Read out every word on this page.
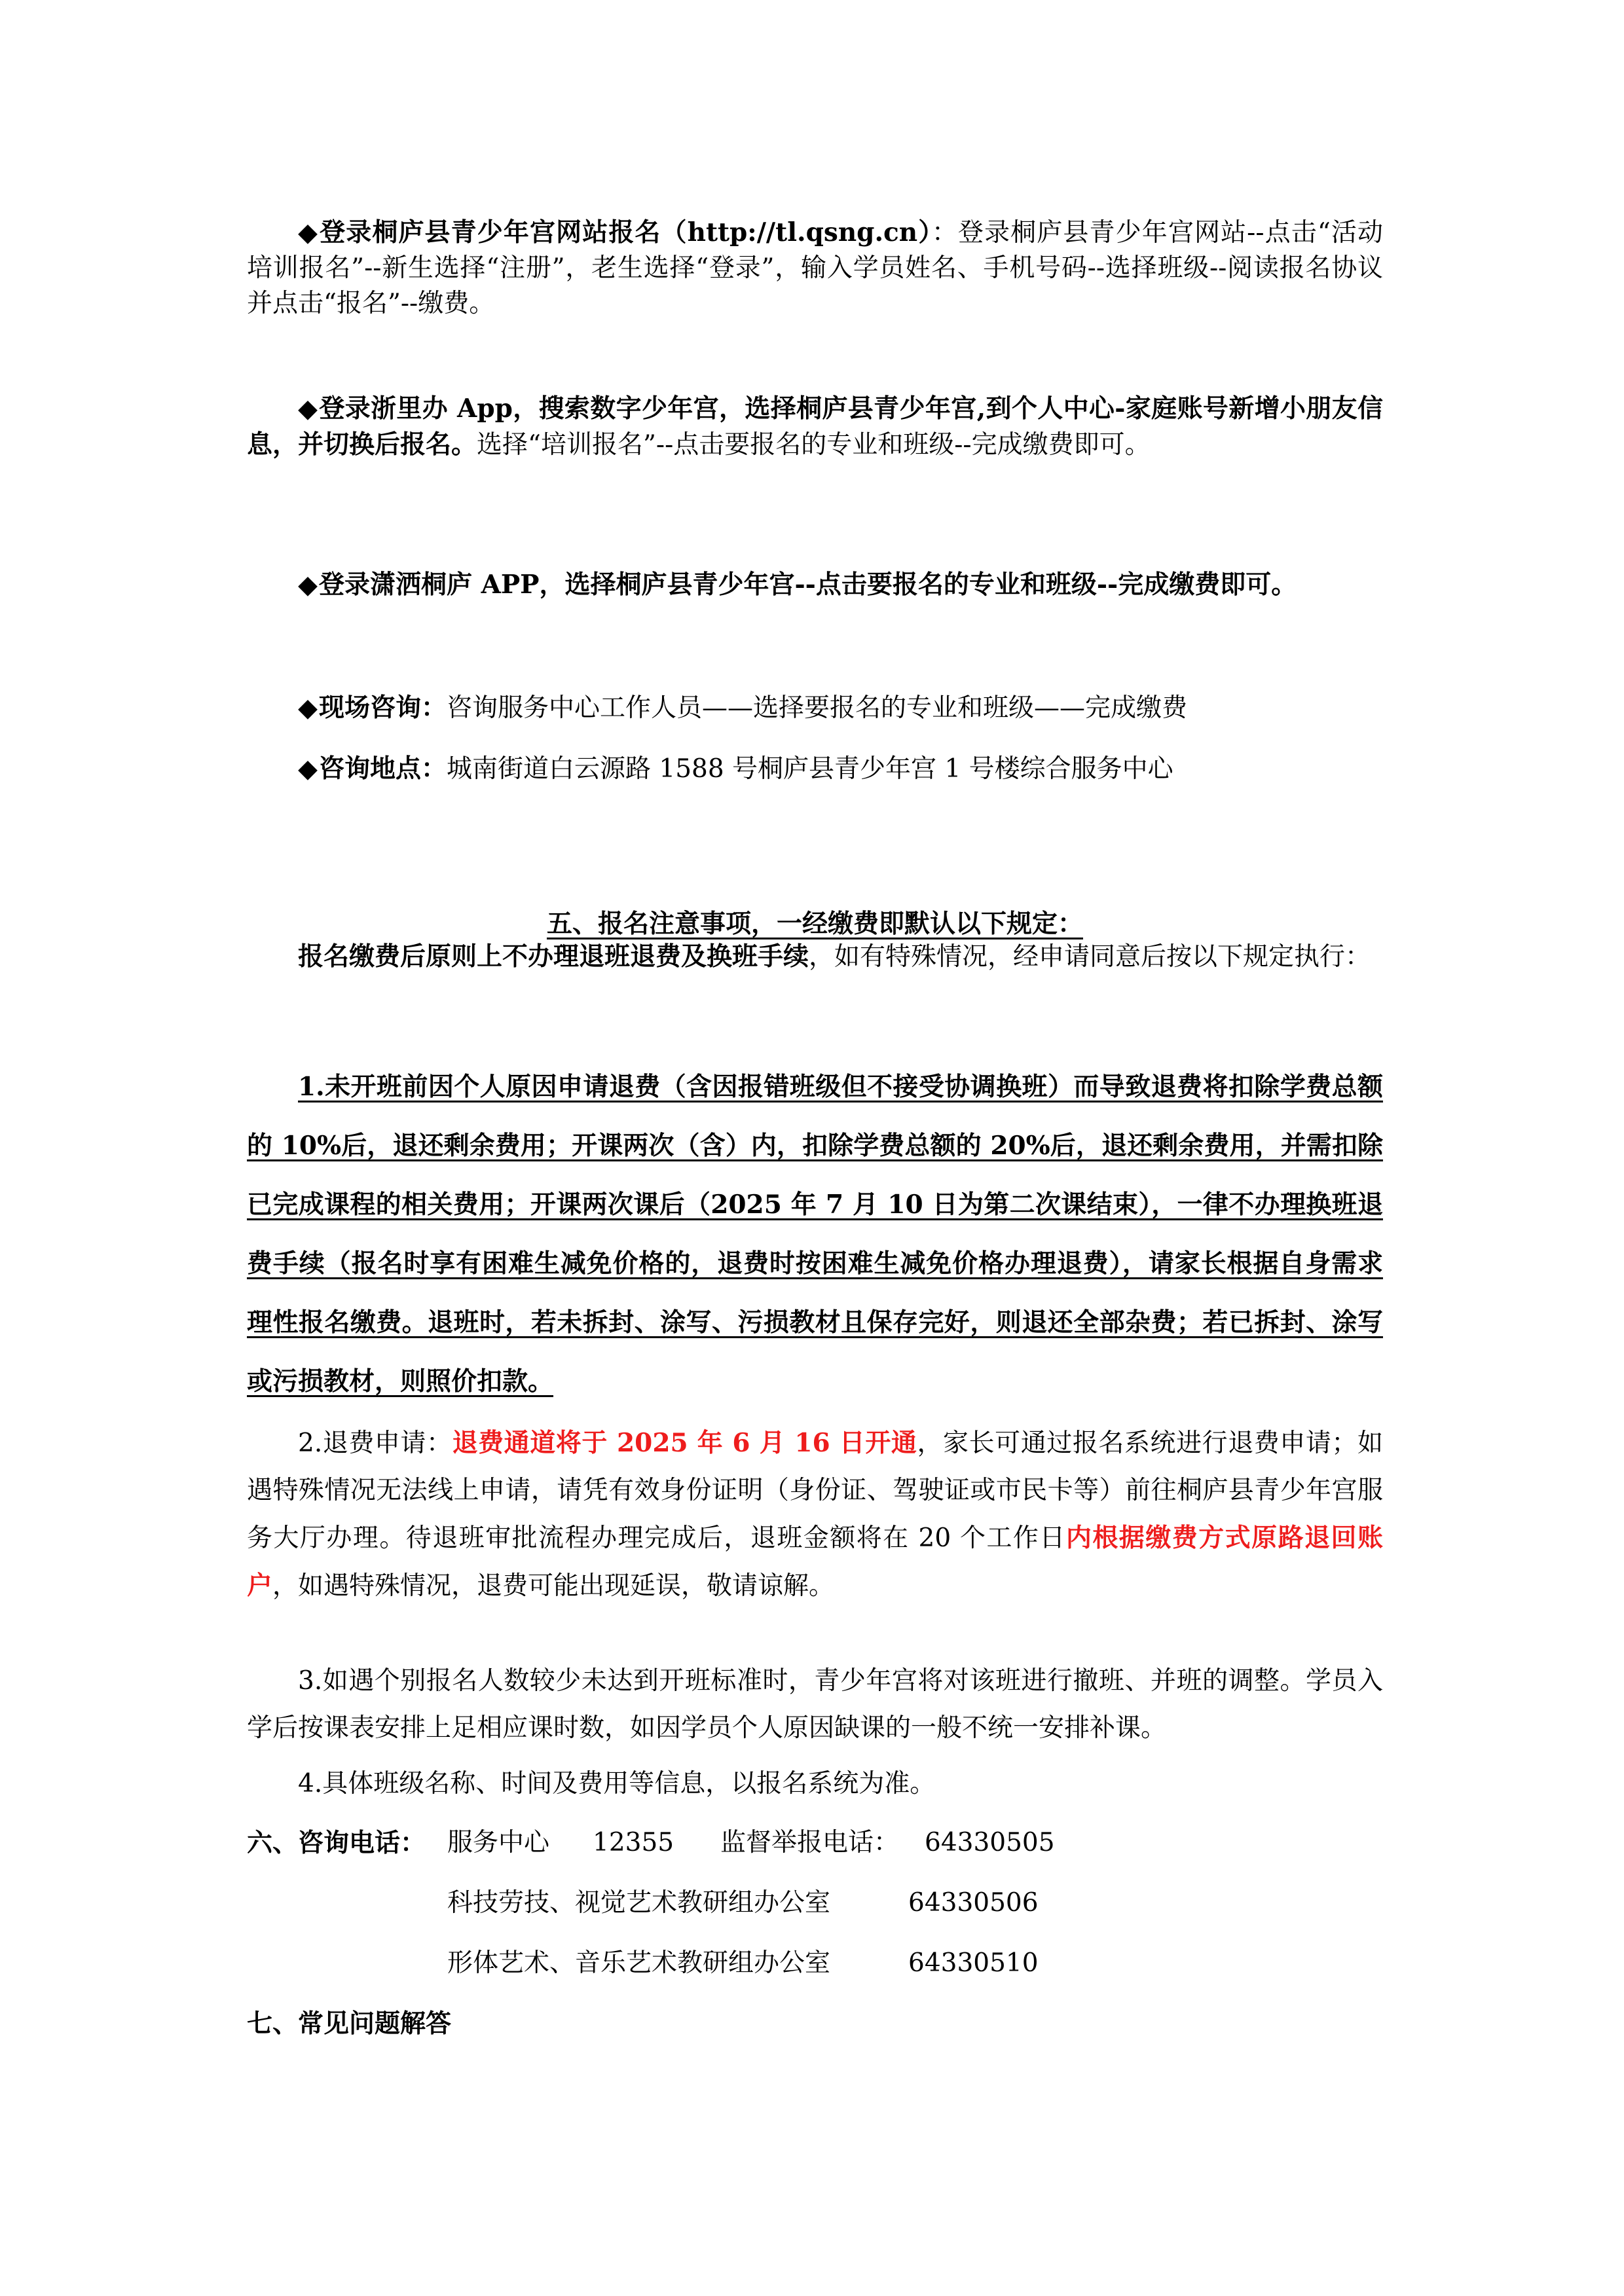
◆登录桐庐县青少年宫网站报名（http://tl.qsng.cn）：登录桐庐县青少年宫网站--点击“活动培训报名”--新生选择“注册”，老生选择“登录”，输入学员姓名、手机号码--选择班级--阅读报名协议并点击“报名”--缴费。

◆登录浙里办 App，搜索数字少年宫，选择桐庐县青少年宫,到个人中心-家庭账号新增小朋友信息，并切换后报名。选择“培训报名”--点击要报名的专业和班级--完成缴费即可。

◆登录潇洒桐庐 APP，选择桐庐县青少年宫--点击要报名的专业和班级--完成缴费即可。

◆现场咨询：咨询服务中心工作人员——选择要报名的专业和班级——完成缴费

◆咨询地点：城南街道白云源路 1588 号桐庐县青少年宫 1 号楼综合服务中心

五、报名注意事项，一经缴费即默认以下规定：

报名缴费后原则上不办理退班退费及换班手续，如有特殊情况，经申请同意后按以下规定执行：

1.未开班前因个人原因申请退费（含因报错班级但不接受协调换班）而导致退费将扣除学费总额的 10%后，退还剩余费用；开课两次（含）内，扣除学费总额的 20%后，退还剩余费用，并需扣除已完成课程的相关费用；开课两次课后（2025 年 7 月 10 日为第二次课结束），一律不办理换班退费手续（报名时享有困难生减免价格的，退费时按困难生减免价格办理退费），请家长根据自身需求理性报名缴费。退班时，若未拆封、涂写、污损教材且保存完好，则退还全部杂费；若已拆封、涂写或污损教材，则照价扣款。

2.退费申请：退费通道将于 2025 年 6 月 16 日开通，家长可通过报名系统进行退费申请；如遇特殊情况无法线上申请，请凭有效身份证明（身份证、驾驶证或市民卡等）前往桐庐县青少年宫服务大厅办理。待退班审批流程办理完成后，退班金额将在 20 个工作日内根据缴费方式原路退回账户，如遇特殊情况，退费可能出现延误，敬请谅解。

3.如遇个别报名人数较少未达到开班标准时，青少年宫将对该班进行撤班、并班的调整。学员入学后按课表安排上足相应课时数，如因学员个人原因缺课的一般不统一安排补课。

4.具体班级名称、时间及费用等信息，以报名系统为准。

六、咨询电话： 服务中心 12355 监督举报电话： 64330505

科技劳技、视觉艺术教研组办公室	64330506

形体艺术、音乐艺术教研组办公室	64330510

七、常见问题解答
